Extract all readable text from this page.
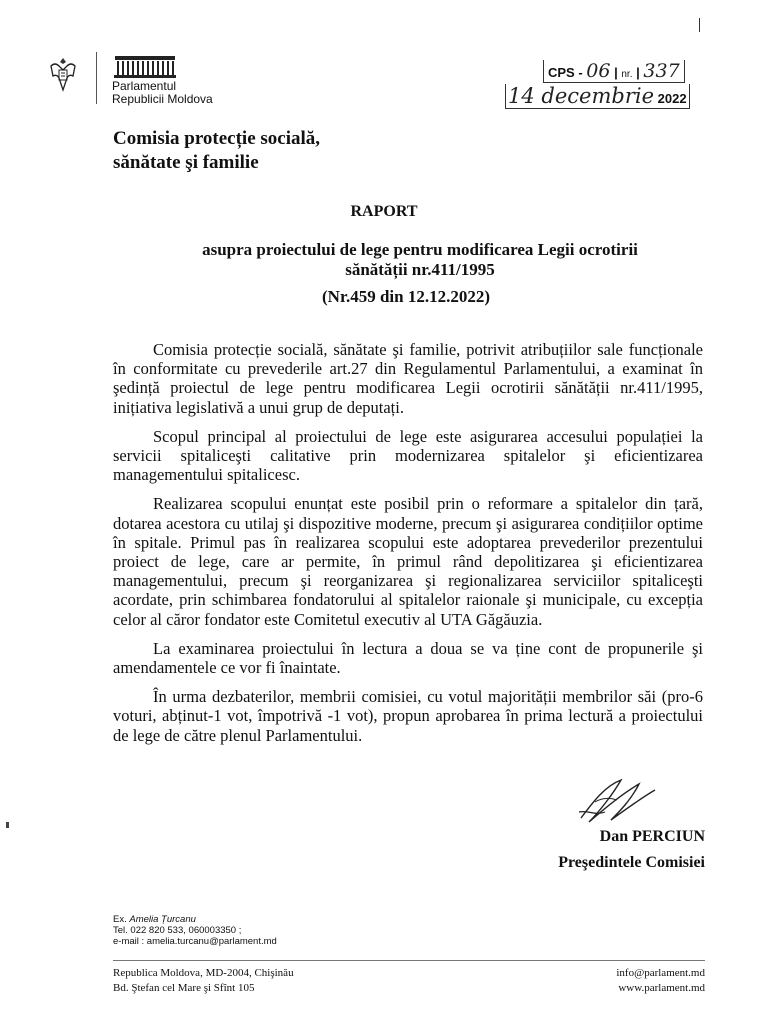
Parlamentul
Republicii Moldova
CPS - 06 | nr. | 337
14 decembrie 2022
Comisia protecție socială,
sănătate şi familie
RAPORT
asupra proiectului de lege pentru modificarea Legii ocrotirii
sănătății nr.411/1995
(Nr.459 din 12.12.2022)

Comisia protecție socială, sănătate şi familie, potrivit atribuțiilor sale funcționale în conformitate cu prevederile art.27 din Regulamentul Parlamentului, a examinat în şedință proiectul de lege pentru modificarea Legii ocrotirii sănătății nr.411/1995, inițiativa legislativă a unui grup de deputați.

Scopul principal al proiectului de lege este asigurarea accesului populației la servicii spitaliceşti calitative prin modernizarea spitalelor şi eficientizarea managementului spitalicesc.

Realizarea scopului enunțat este posibil prin o reformare a spitalelor din țară, dotarea acestora cu utilaj şi dispozitive moderne, precum şi asigurarea condițiilor optime în spitale. Primul pas în realizarea scopului este adoptarea prevederilor prezentului proiect de lege, care ar permite, în primul rând depolitizarea şi eficientizarea managementului, precum şi reorganizarea şi regionalizarea serviciilor spitaliceşti acordate, prin schimbarea fondatorului al spitalelor raionale şi municipale, cu excepția celor al căror fondator este Comitetul executiv al UTA Găgăuzia.

La examinarea proiectului în lectura a doua se va ține cont de propunerile şi amendamentele ce vor fi înaintate.

În urma dezbaterilor, membrii comisiei, cu votul majorității membrilor săi (pro-6 voturi, abținut-1 vot, împotrivă -1 vot), propun aprobarea în prima lectură a proiectului de lege de către plenul Parlamentului.

Dan PERCIUN
Preşedintele Comisiei
Ex. Amelia Țurcanu
Tel. 022 820 533, 060003350 ;
e-mail : amelia.turcanu@parlament.md
Republica Moldova, MD-2004, Chişinău
Bd. Ştefan cel Mare şi Sfînt 105
info@parlament.md
www.parlament.md
